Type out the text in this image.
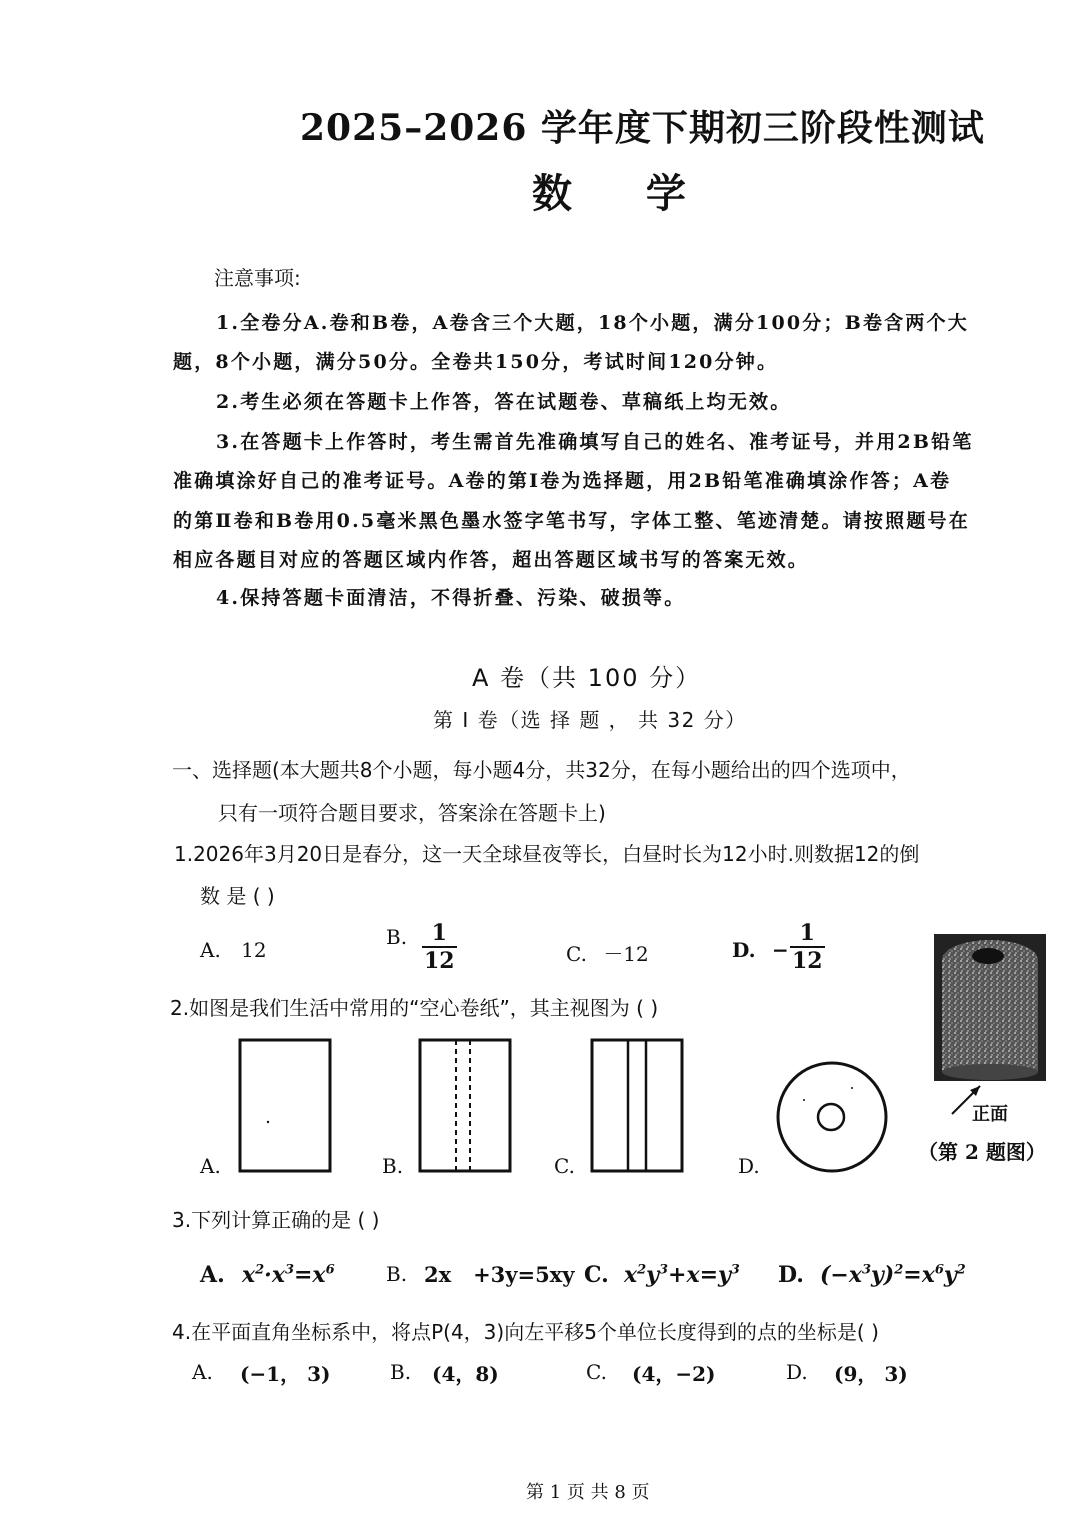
2025–2026 学年度下期初三阶段性测试
数 学
注意事项:
1.全卷分A.卷和B卷，A卷含三个大题，18个小题，满分100分；B卷含两个大
题，8个小题，满分50分。全卷共150分，考试时间120分钟。
2.考生必须在答题卡上作答，答在试题卷、草稿纸上均无效。
3.在答题卡上作答时，考生需首先准确填写自己的姓名、准考证号，并用2B铅笔
准确填涂好自己的准考证号。A卷的第Ⅰ卷为选择题，用2B铅笔准确填涂作答；A卷
的第Ⅱ卷和B卷用0.5毫米黑色墨水签字笔书写，字体工整、笔迹清楚。请按照题号在
相应各题目对应的答题区域内作答，超出答题区域书写的答案无效。
4.保持答题卡面清洁，不得折叠、污染、破损等。
A 卷（共 100 分）
第 Ⅰ 卷（选 择 题 ， 共 32 分）
一、选择题(本大题共8个小题，每小题4分，共32分，在每小题给出的四个选项中，
只有一项符合题目要求，答案涂在答题卡上)
1.2026年3月20日是春分，这一天全球昼夜等长，白昼时长为12小时.则数据12的倒
数 是 ( )
A. 12
B. $\frac{1}{12}$	C. －12	D. − $\frac{1}{12}$
正面
（第 2 题图）
2.如图是我们生活中常用的“空心卷纸”，其主视图为 ( )
A.	B.	C.	D.
3.下列计算正确的是 ( )
A. $x^2\cdot x^3=x^6$	B. 2x   +3y=5xy C. $x^2y^3+x=y^3$ D. $(-x^3y)^2=x^6y^2$
4.在平面直角坐标系中，将点P(4，3)向左平移5个单位长度得到的点的坐标是( )
A. (−1， 3)	B. (4，8)	C. (4，−2)	D. (9， 3)
第 1 页 共 8 页
